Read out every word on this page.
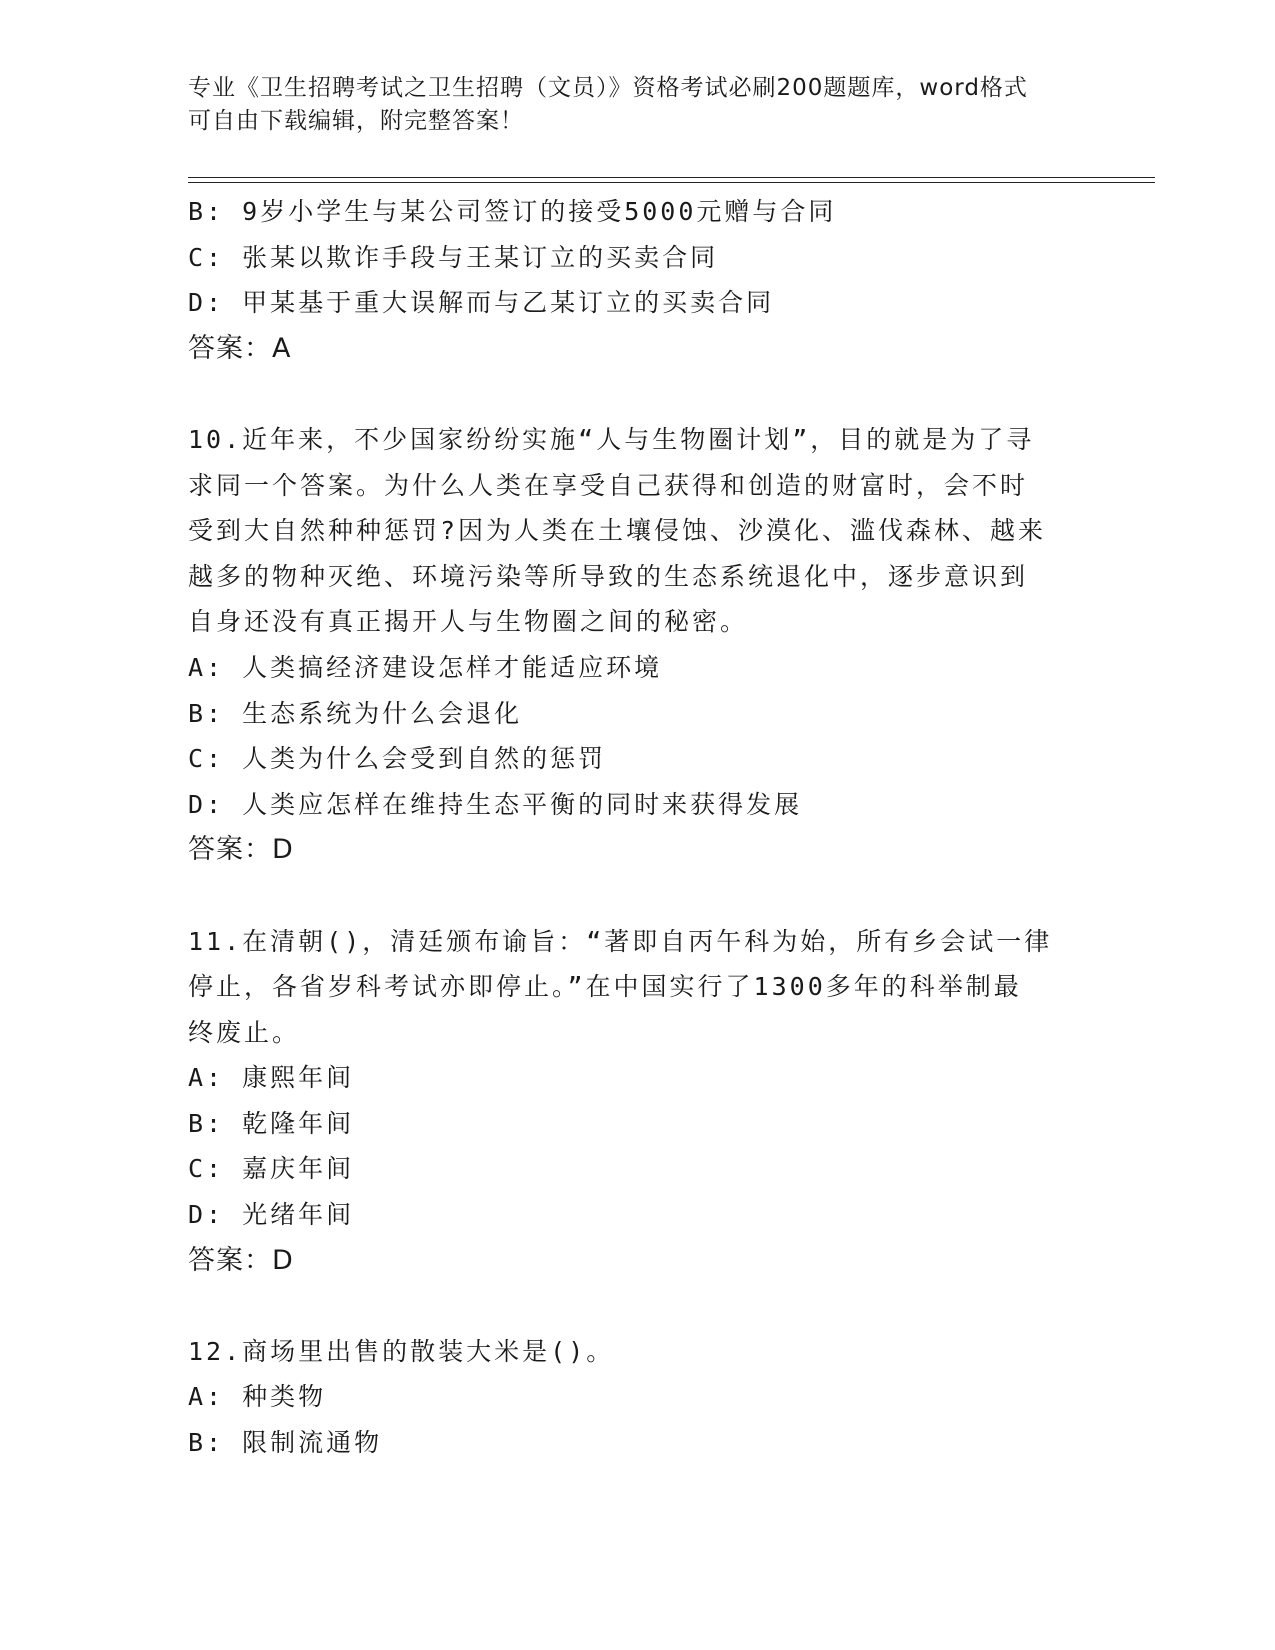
专业《卫生招聘考试之卫生招聘（文员）》资格考试必刷200题题库，word格式
可自由下载编辑，附完整答案！
B: 9岁小学生与某公司签订的接受5000元赠与合同
C: 张某以欺诈手段与王某订立的买卖合同
D: 甲某基于重大误解而与乙某订立的买卖合同
答案：A
10.近年来，不少国家纷纷实施“人与生物圈计划”，目的就是为了寻
求同一个答案。为什么人类在享受自己获得和创造的财富时，会不时
受到大自然种种惩罚?因为人类在土壤侵蚀、沙漠化、滥伐森林、越来
越多的物种灭绝、环境污染等所导致的生态系统退化中，逐步意识到
自身还没有真正揭开人与生物圈之间的秘密。
A: 人类搞经济建设怎样才能适应环境
B: 生态系统为什么会退化
C: 人类为什么会受到自然的惩罚
D: 人类应怎样在维持生态平衡的同时来获得发展
答案：D
11.在清朝()，清廷颁布谕旨：“著即自丙午科为始，所有乡会试一律
停止，各省岁科考试亦即停止。”在中国实行了1300多年的科举制最
终废止。
A: 康熙年间
B: 乾隆年间
C: 嘉庆年间
D: 光绪年间
答案：D
12.商场里出售的散装大米是()。
A: 种类物
B: 限制流通物
